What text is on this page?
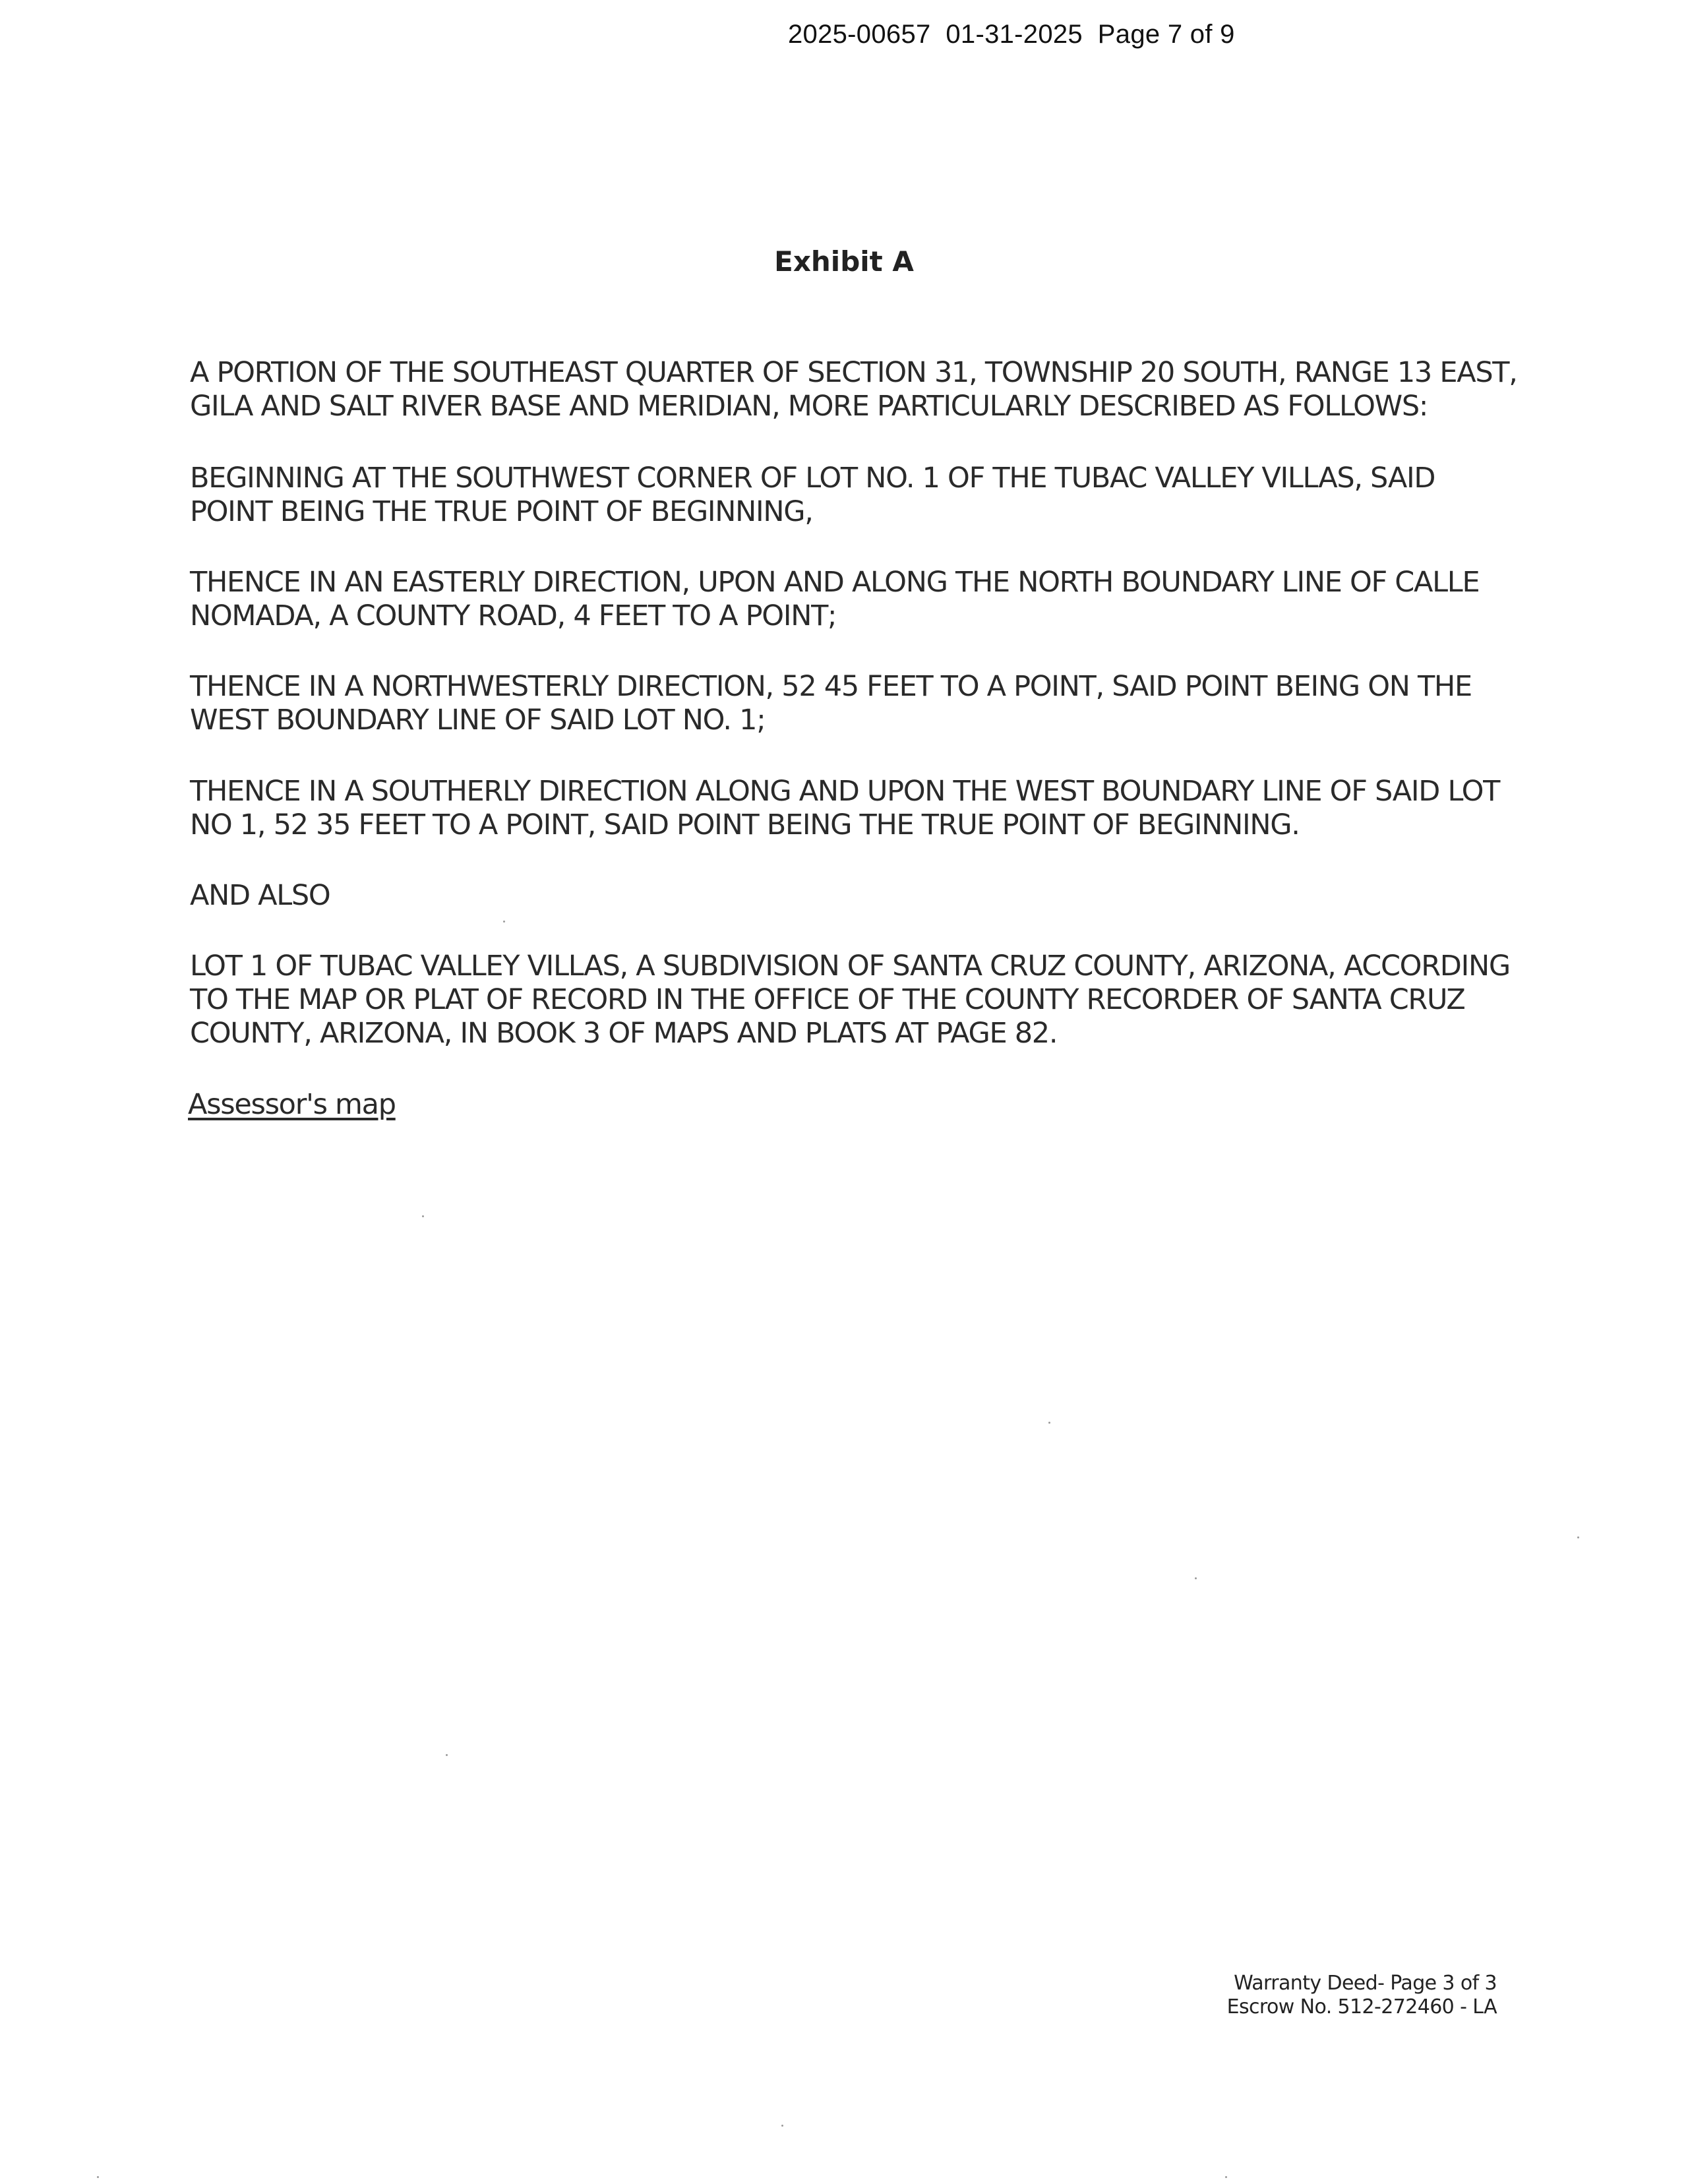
2025-00657  01-31-2025  Page 7 of 9
Exhibit A
A PORTION OF THE SOUTHEAST QUARTER OF SECTION 31, TOWNSHIP 20 SOUTH, RANGE 13 EAST,
GILA AND SALT RIVER BASE AND MERIDIAN, MORE PARTICULARLY DESCRIBED AS FOLLOWS:
BEGINNING AT THE SOUTHWEST CORNER OF LOT NO. 1 OF THE TUBAC VALLEY VILLAS, SAID
POINT BEING THE TRUE POINT OF BEGINNING,
THENCE IN AN EASTERLY DIRECTION, UPON AND ALONG THE NORTH BOUNDARY LINE OF CALLE
NOMADA, A COUNTY ROAD, 4 FEET TO A POINT;
THENCE IN A NORTHWESTERLY DIRECTION, 52 45 FEET TO A POINT, SAID POINT BEING ON THE
WEST BOUNDARY LINE OF SAID LOT NO. 1;
THENCE IN A SOUTHERLY DIRECTION ALONG AND UPON THE WEST BOUNDARY LINE OF SAID LOT
NO 1, 52 35 FEET TO A POINT, SAID POINT BEING THE TRUE POINT OF BEGINNING.
AND ALSO
LOT 1 OF TUBAC VALLEY VILLAS, A SUBDIVISION OF SANTA CRUZ COUNTY, ARIZONA, ACCORDING
TO THE MAP OR PLAT OF RECORD IN THE OFFICE OF THE COUNTY RECORDER OF SANTA CRUZ
COUNTY, ARIZONA, IN BOOK 3 OF MAPS AND PLATS AT PAGE 82.
Assessor's map
Warranty Deed- Page 3 of 3
Escrow No. 512-272460 - LA
